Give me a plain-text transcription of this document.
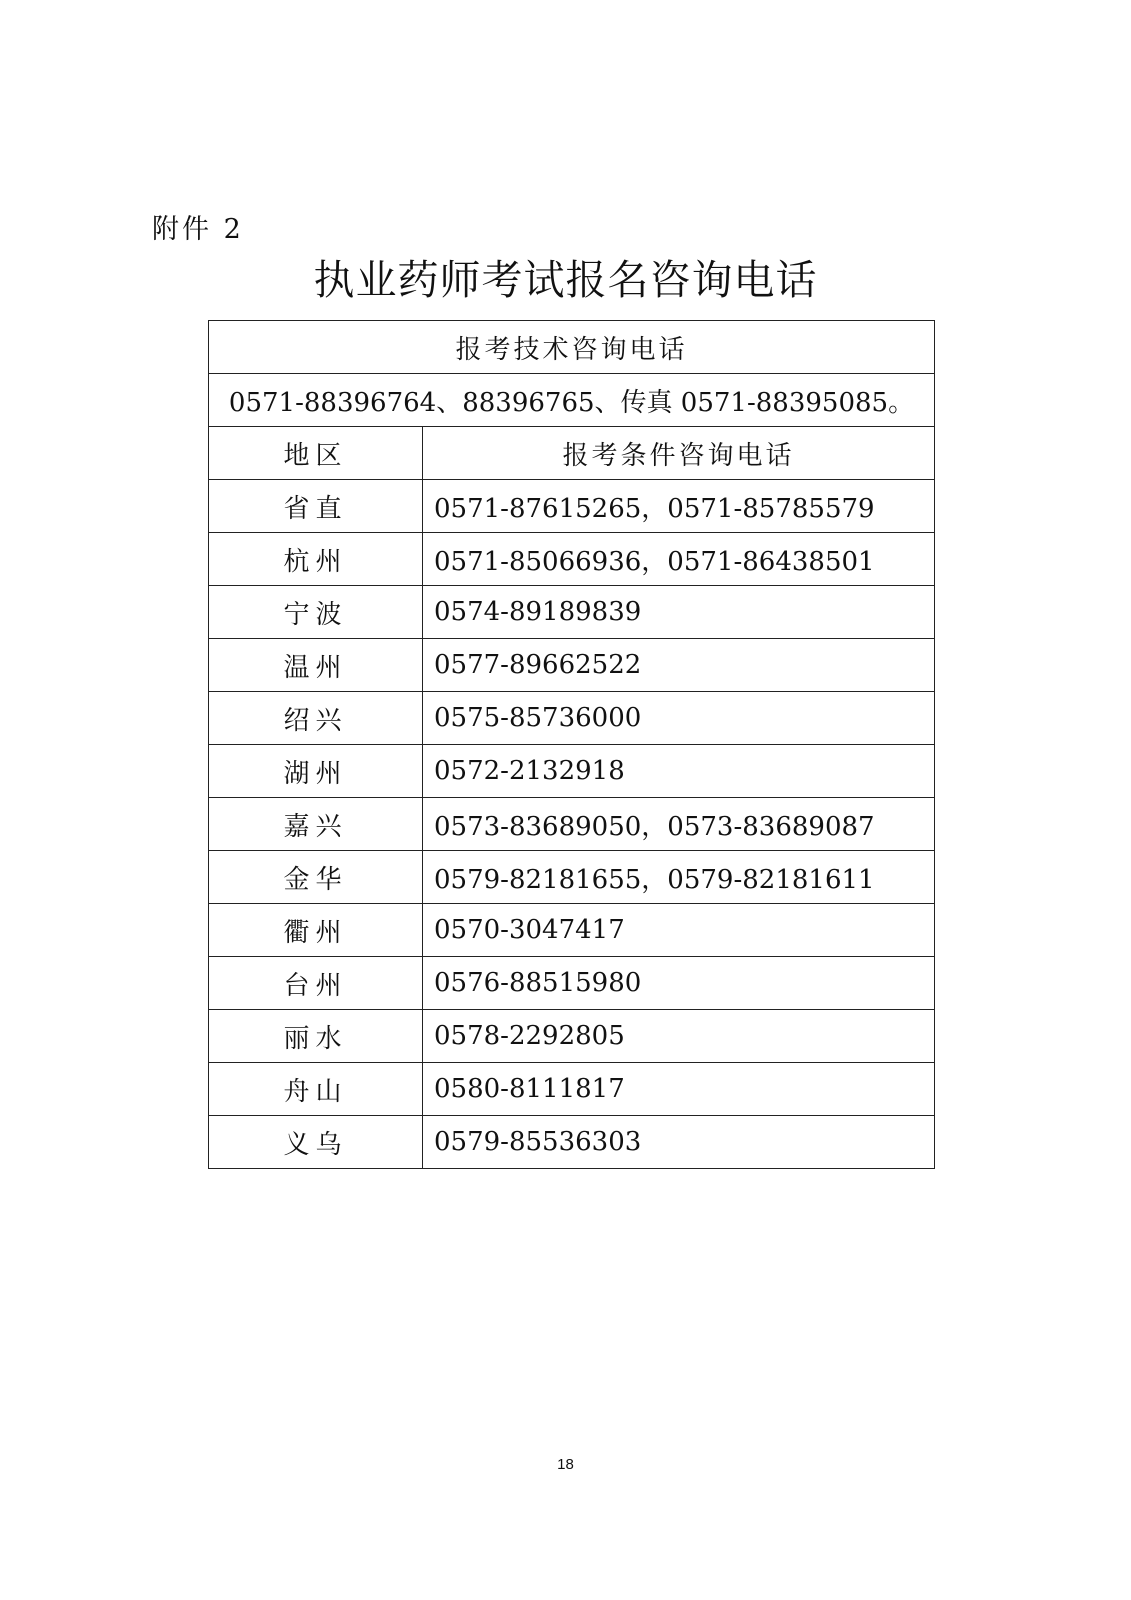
附件 2
执业药师考试报名咨询电话
报考技术咨询电话	
0571-88396764、88396765、传真 0571-88395085。	
地区	报考条件咨询电话
省直	0571-87615265，0571-85785579
杭州	0571-85066936，0571-86438501
宁波	0574-89189839
温州	0577-89662522
绍兴	0575-85736000
湖州	0572-2132918
嘉兴	0573-83689050，0573-83689087
金华	0579-82181655，0579-82181611
衢州	0570-3047417
台州	0576-88515980
丽水	0578-2292805
舟山	0580-8111817
义乌	0579-85536303
18
